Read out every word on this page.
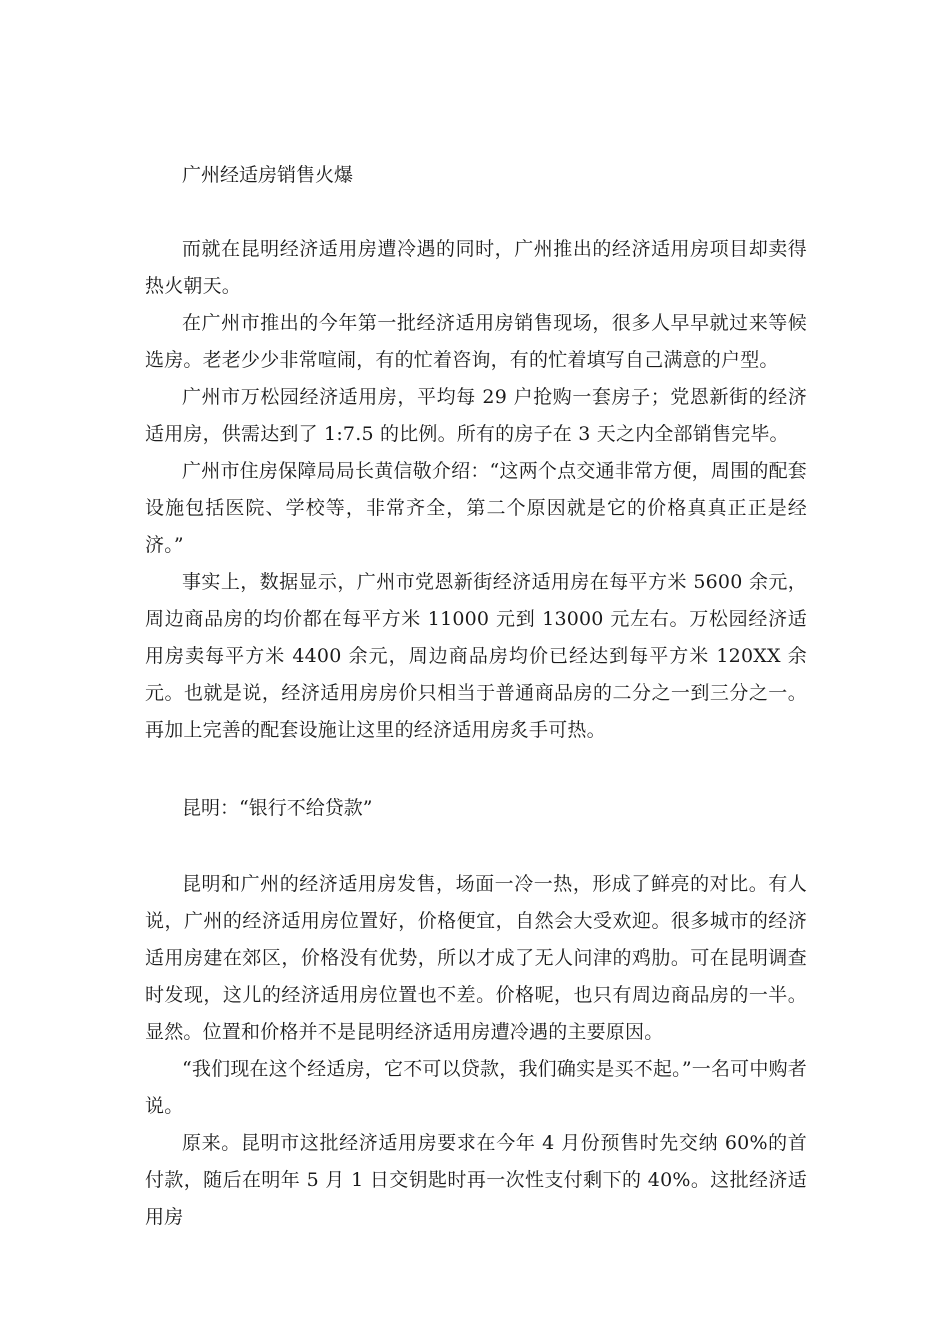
广州经适房销售火爆

而就在昆明经济适用房遭冷遇的同时，广州推出的经济适用房项目却卖得热火朝天。

在广州市推出的今年第一批经济适用房销售现场，很多人早早就过来等候选房。老老少少非常喧闹，有的忙着咨询，有的忙着填写自己满意的户型。

广州市万松园经济适用房，平均每 29 户抢购一套房子；党恩新街的经济适用房，供需达到了 1:7.5 的比例。所有的房子在 3 天之内全部销售完毕。

广州市住房保障局局长黄信敬介绍：“这两个点交通非常方便，周围的配套设施包括医院、学校等，非常齐全，第二个原因就是它的价格真真正正是经济。”

事实上，数据显示，广州市党恩新街经济适用房在每平方米 5600 余元，周边商品房的均价都在每平方米 11000 元到 13000 元左右。万松园经济适用房卖每平方米 4400 余元，周边商品房均价已经达到每平方米 120XX 余元。也就是说，经济适用房房价只相当于普通商品房的二分之一到三分之一。再加上完善的配套设施让这里的经济适用房炙手可热。

昆明：“银行不给贷款”

昆明和广州的经济适用房发售，场面一冷一热，形成了鲜亮的对比。有人说，广州的经济适用房位置好，价格便宜，自然会大受欢迎。很多城市的经济适用房建在郊区，价格没有优势，所以才成了无人问津的鸡肋。可在昆明调查时发现，这儿的经济适用房位置也不差。价格呢，也只有周边商品房的一半。显然。位置和价格并不是昆明经济适用房遭冷遇的主要原因。

“我们现在这个经适房，它不可以贷款，我们确实是买不起。”一名可中购者说。

原来。昆明市这批经济适用房要求在今年 4 月份预售时先交纳 60%的首付款，随后在明年 5 月 1 日交钥匙时再一次性支付剩下的 40%。这批经济适用房
